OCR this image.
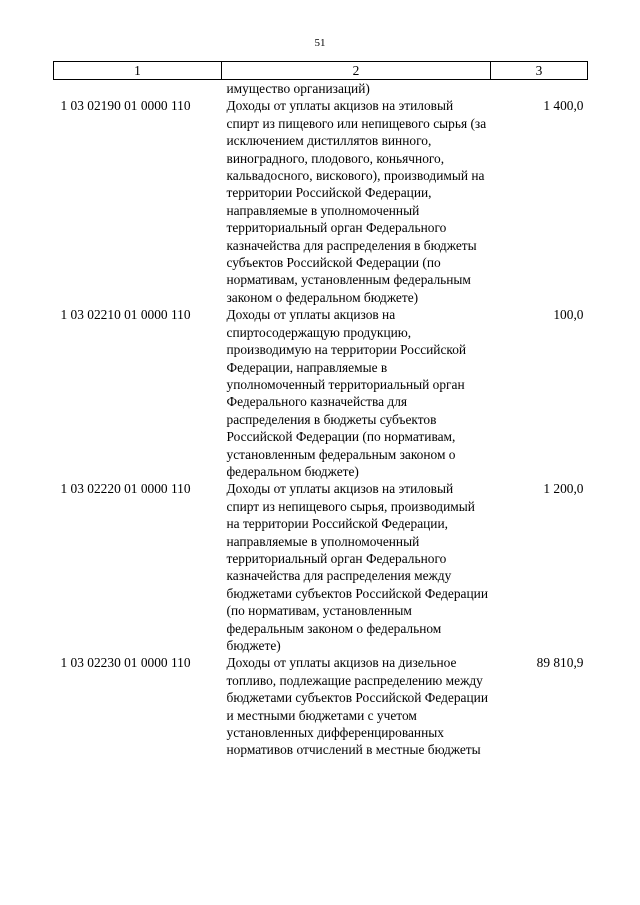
51
1	2	3
	имущество организаций)	
1 03 02190 01 0000 110	Доходы от уплаты акцизов на этиловый спирт из пищевого или непищевого сырья (за исключением дистиллятов винного, виноградного, плодового, коньячного, кальвадосного, вискового), производимый на территории Российской Федерации, направляемые в уполномоченный территориальный орган Федерального казначейства для распределения в бюджеты субъектов Российской Федерации (по нормативам, установленным федеральным законом о федеральном бюджете)	1 400,0
1 03 02210 01 0000 110	Доходы от уплаты акцизов на спиртосодержащую продукцию, производимую на территории Российской Федерации, направляемые в уполномоченный территориальный орган Федерального казначейства для распределения в бюджеты субъектов Российской Федерации (по нормативам, установленным федеральным законом о федеральном бюджете)	100,0
1 03 02220 01 0000 110	Доходы от уплаты акцизов на этиловый спирт из непищевого сырья, производимый на территории Российской Федерации, направляемые в уполномоченный территориальный орган Федерального казначейства для распределения между бюджетами субъектов Российской Федерации (по нормативам, установленным федеральным законом о федеральном бюджете)	1 200,0
1 03 02230 01 0000 110	Доходы от уплаты акцизов на дизельное топливо, подлежащие распределению между бюджетами субъектов Российской Федерации и местными бюджетами с учетом установленных дифференцированных нормативов отчислений в местные бюджеты	89 810,9
